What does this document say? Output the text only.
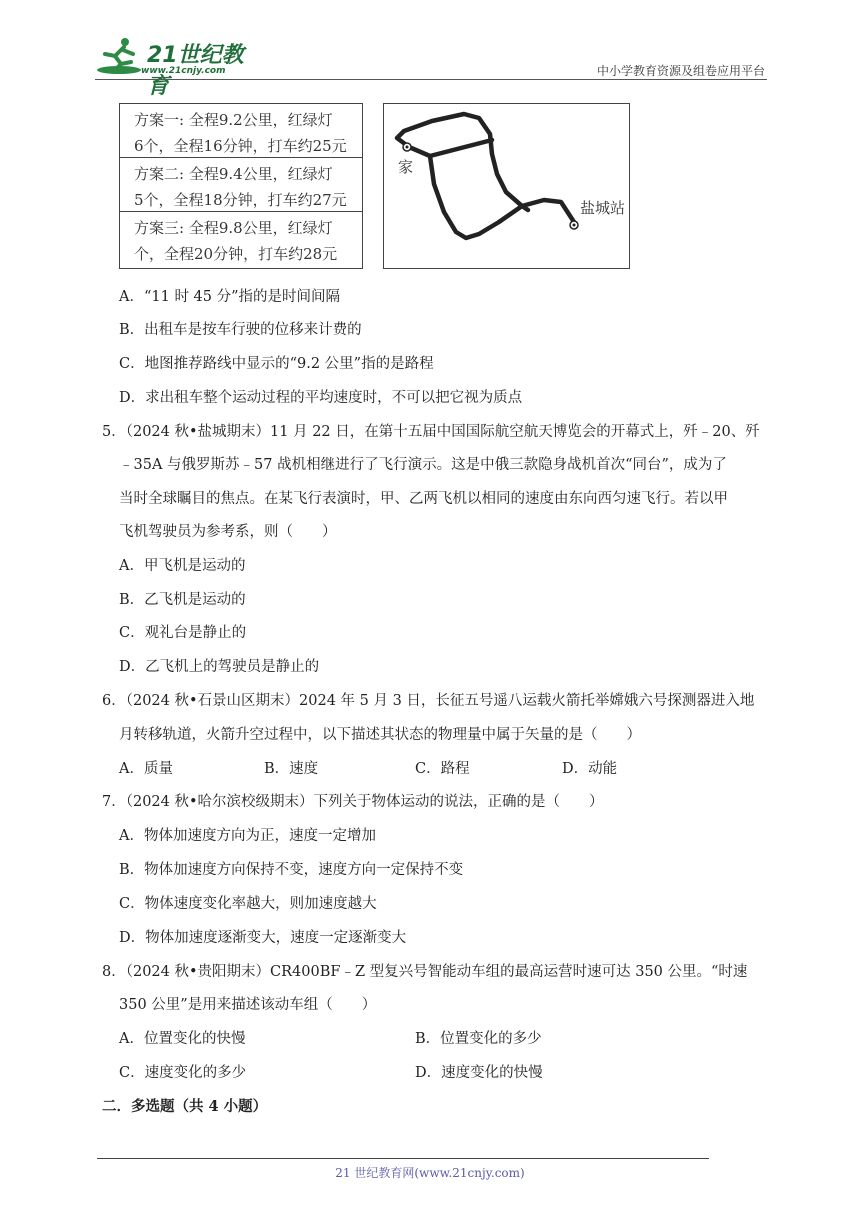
21世纪教育
www.21cnjy.com	中小学教育资源及组卷应用平台
方案一: 全程9.2公里，红绿灯
6个，全程16分钟，打车约25元
方案二: 全程9.4公里，红绿灯
5个，全程18分钟，打车约27元
方案三: 全程9.8公里，红绿灯
个，全程20分钟，打车约28元
家
盐城站
A．“11 时 45 分”指的是时间间隔
B．出租车是按车行驶的位移来计费的
C．地图推荐路线中显示的“9.2 公里”指的是路程
D．求出租车整个运动过程的平均速度时，不可以把它视为质点
5．（2024 秋•盐城期末）11 月 22 日，在第十五届中国国际航空航天博览会的开幕式上，歼﹣20、歼
﹣35A 与俄罗斯苏﹣57 战机相继进行了飞行演示。这是中俄三款隐身战机首次“同台”，成为了
当时全球瞩目的焦点。在某飞行表演时，甲、乙两飞机以相同的速度由东向西匀速飞行。若以甲
飞机驾驶员为参考系，则（　　）
A．甲飞机是运动的
B．乙飞机是运动的
C．观礼台是静止的
D．乙飞机上的驾驶员是静止的
6．（2024 秋•石景山区期末）2024 年 5 月 3 日，长征五号遥八运载火箭托举嫦娥六号探测器进入地
月转移轨道，火箭升空过程中，以下描述其状态的物理量中属于矢量的是（　　）
A．质量	B．速度	C．路程	D．动能
7．（2024 秋•哈尔滨校级期末）下列关于物体运动的说法，正确的是（　　）
A．物体加速度方向为正，速度一定增加
B．物体加速度方向保持不变，速度方向一定保持不变
C．物体速度变化率越大，则加速度越大
D．物体加速度逐渐变大，速度一定逐渐变大
8．（2024 秋•贵阳期末）CR400BF﹣Z 型复兴号智能动车组的最高运营时速可达 350 公里。“时速
350 公里”是用来描述该动车组（　　）
A．位置变化的快慢	B．位置变化的多少
C．速度变化的多少	D．速度变化的快慢
二．多选题（共 4 小题）
21 世纪教育网(www.21cnjy.com)
